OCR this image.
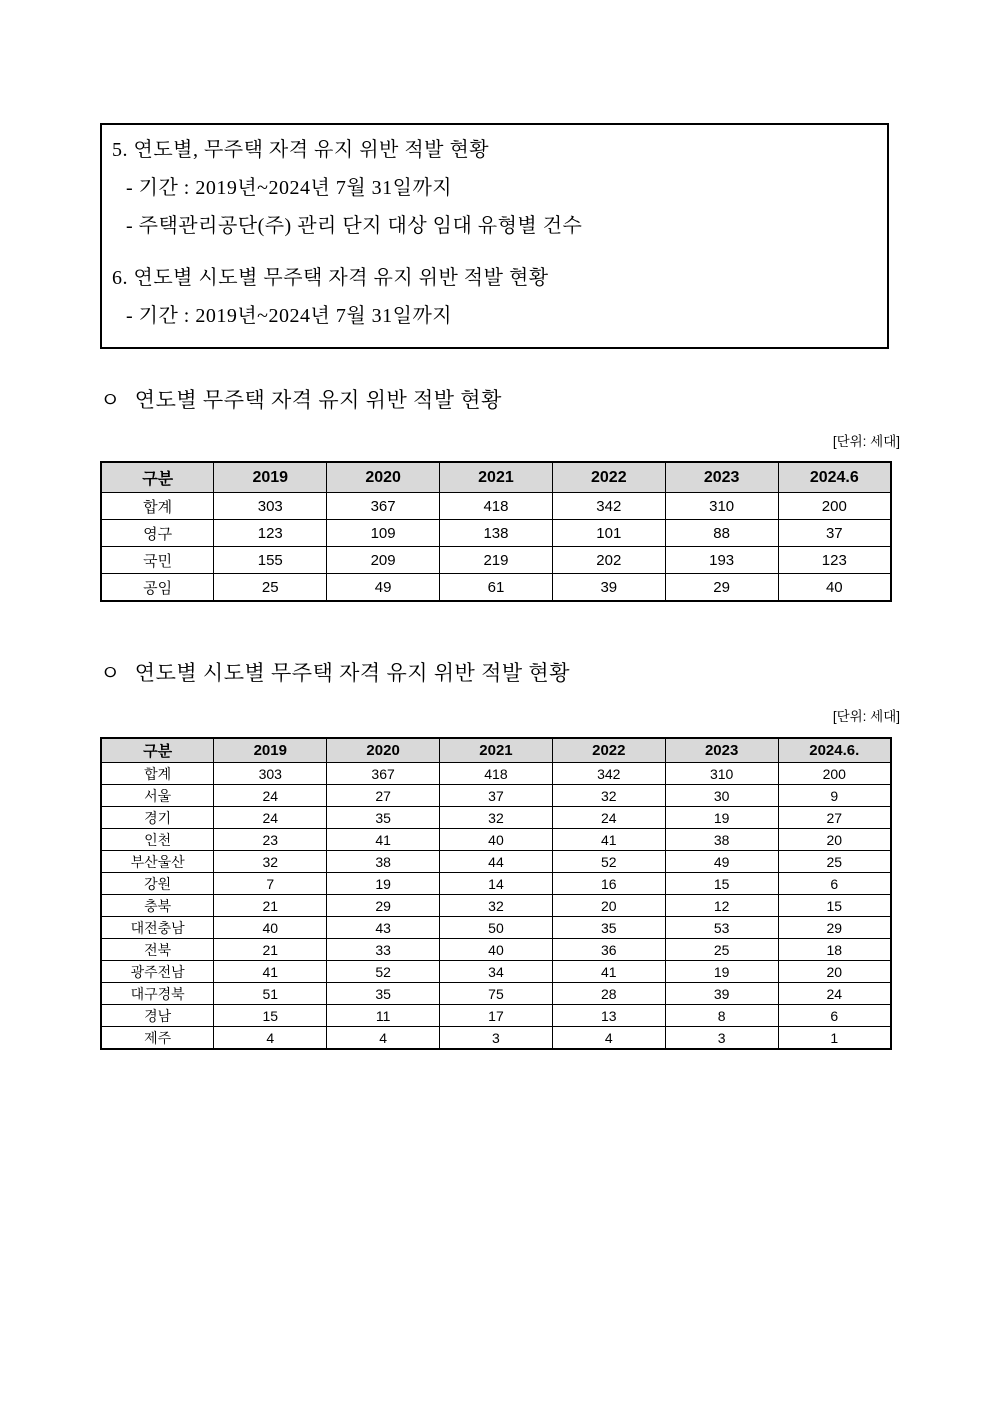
5. 연도별, 무주택 자격 유지 위반 적발 현황
- 기간 : 2019년~2024년 7월 31일까지
- 주택관리공단(주) 관리 단지 대상 임대 유형별 건수
6. 연도별 시도별 무주택 자격 유지 위반 적발 현황
- 기간 : 2019년~2024년 7월 31일까지
ㅇ 연도별 무주택 자격 유지 위반 적발 현황
[단위: 세대]
구분	2019	2020	2021	2022	2023	2024.6
합계	303	367	418	342	310	200
영구	123	109	138	101	88	37
국민	155	209	219	202	193	123
공임	25	49	61	39	29	40
ㅇ 연도별 시도별 무주택 자격 유지 위반 적발 현황
[단위: 세대]
구분	2019	2020	2021	2022	2023	2024.6.
합계	303	367	418	342	310	200
서울	24	27	37	32	30	9
경기	24	35	32	24	19	27
인천	23	41	40	41	38	20
부산울산	32	38	44	52	49	25
강원	7	19	14	16	15	6
충북	21	29	32	20	12	15
대전충남	40	43	50	35	53	29
전북	21	33	40	36	25	18
광주전남	41	52	34	41	19	20
대구경북	51	35	75	28	39	24
경남	15	11	17	13	8	6
제주	4	4	3	4	3	1
